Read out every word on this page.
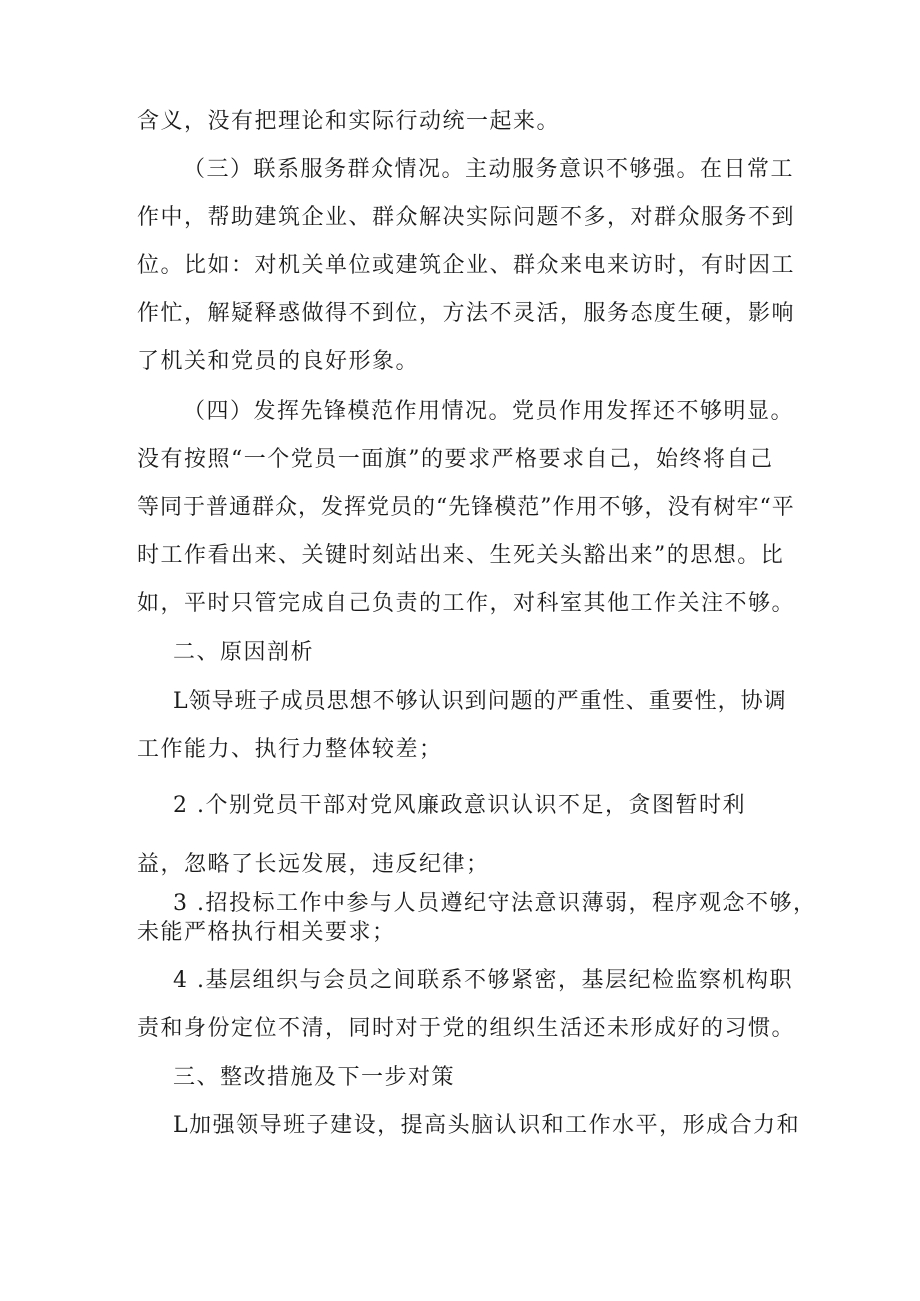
含义，没有把理论和实际行动统一起来。
（三）联系服务群众情况。主动服务意识不够强。在日常工
作中，帮助建筑企业、群众解决实际问题不多，对群众服务不到
位。比如：对机关单位或建筑企业、群众来电来访时，有时因工
作忙，解疑释惑做得不到位，方法不灵活，服务态度生硬，影响
了机关和党员的良好形象。
（四）发挥先锋模范作用情况。党员作用发挥还不够明显。
没有按照“一个党员一面旗”的要求严格要求自己，始终将自己
等同于普通群众，发挥党员的“先锋模范”作用不够，没有树牢“平
时工作看出来、关键时刻站出来、生死关头豁出来”的思想。比
如，平时只管完成自己负责的工作，对科室其他工作关注不够。
二、原因剖析
L领导班子成员思想不够认识到问题的严重性、重要性，协调
工作能力、执行力整体较差；
2 .个别党员干部对党风廉政意识认识不足，贪图暂时利
益，忽略了长远发展，违反纪律；
3 .招投标工作中参与人员遵纪守法意识薄弱，程序观念不够，
未能严格执行相关要求；
4 .基层组织与会员之间联系不够紧密，基层纪检监察机构职
责和身份定位不清，同时对于党的组织生活还未形成好的习惯。
三、整改措施及下一步对策
L加强领导班子建设，提高头脑认识和工作水平，形成合力和
